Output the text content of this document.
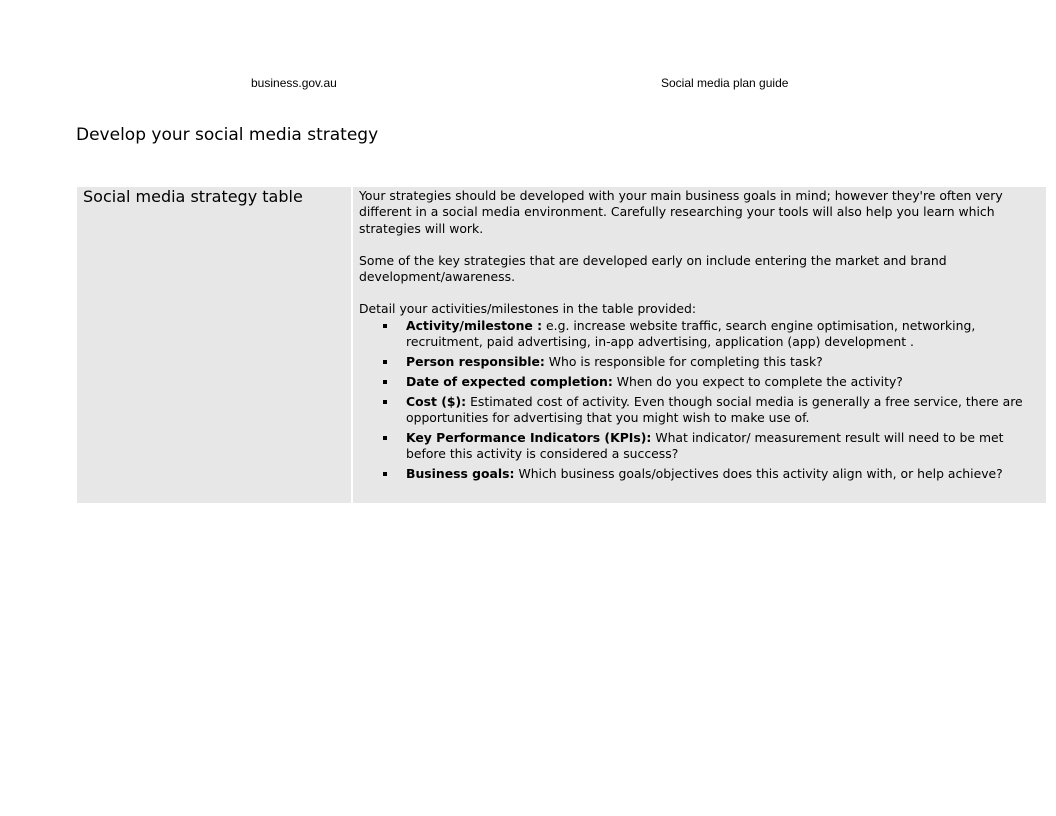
business.gov.au	Social media plan guide
Develop your social media strategy
Social media strategy table	Your strategies should be developed with your main business goals in mind; however they're often very different in a social media environment. Carefully researching your tools will also help you learn which strategies will work.

Some of the key strategies that are developed early on include entering the market and brand development/awareness.

Detail your activities/milestones in the table provided:

Activity/milestone : e.g. increase website traffic, search engine optimisation, networking, recruitment, paid advertising, in-app advertising, application (app) development .
Person responsible: Who is responsible for completing this task?
Date of expected completion: When do you expect to complete the activity?
Cost ($): Estimated cost of activity. Even though social media is generally a free service, there are opportunities for advertising that you might wish to make use of.
Key Performance Indicators (KPIs): What indicator/ measurement result will need to be met before this activity is considered a success?
Business goals: Which business goals/objectives does this activity align with, or help achieve?
